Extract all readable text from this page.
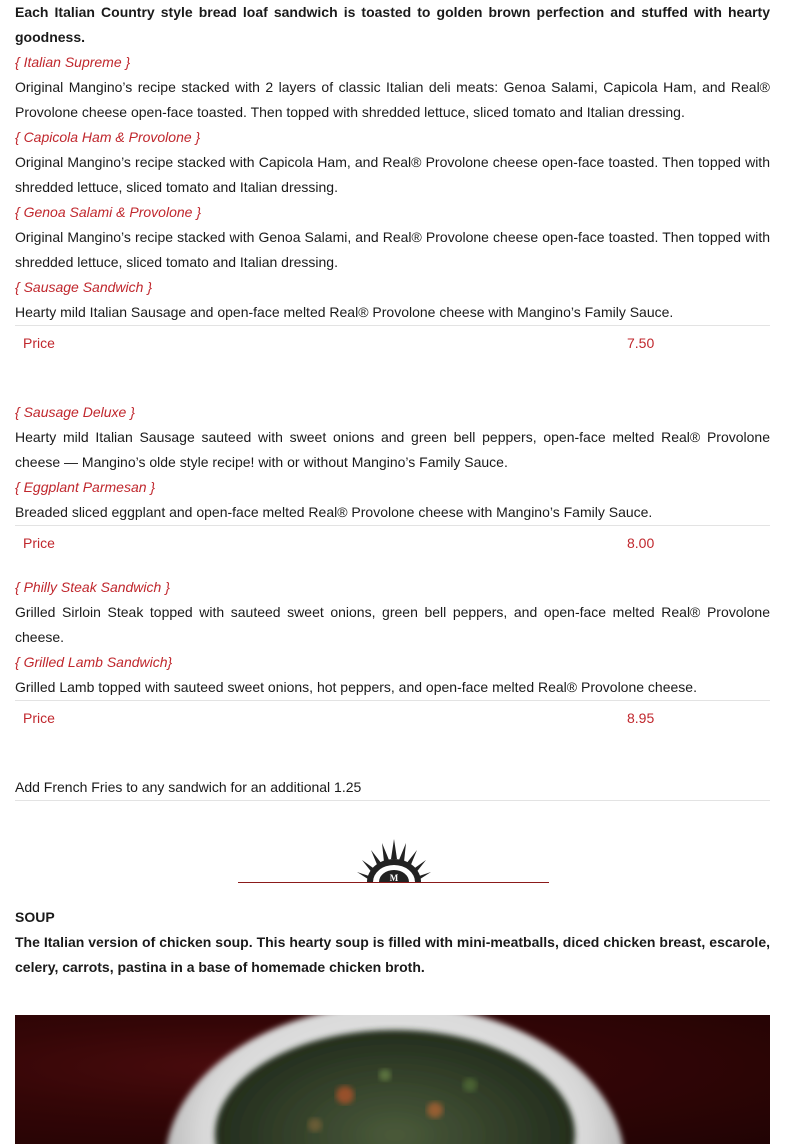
Each Italian Country style bread loaf sandwich is toasted to golden brown perfection and stuffed with hearty goodness.

{ Italian Supreme }

Original Mangino’s recipe stacked with 2 layers of classic Italian deli meats: Genoa Salami, Capicola Ham, and Real® Provolone cheese open-face toasted. Then topped with shredded lettuce, sliced tomato and Italian dressing.

{ Capicola Ham & Provolone }

Original Mangino’s recipe stacked with Capicola Ham, and Real® Provolone cheese open-face toasted. Then topped with shredded lettuce, sliced tomato and Italian dressing.

{ Genoa Salami & Provolone }

Original Mangino’s recipe stacked with Genoa Salami, and Real® Provolone cheese open-face toasted. Then topped with shredded lettuce, sliced tomato and Italian dressing.

{ Sausage Sandwich }

Hearty mild Italian Sausage and open-face melted Real® Provolone cheese with Mangino’s Family Sauce.

Price	7.50

{ Sausage Deluxe }

Hearty mild Italian Sausage sauteed with sweet onions and green bell peppers, open-face melted Real® Provolone cheese — Mangino’s olde style recipe! with or without Mangino’s Family Sauce.

{ Eggplant Parmesan }

Breaded sliced eggplant and open-face melted Real® Provolone cheese with Mangino’s Family Sauce.

Price	8.00

{ Philly Steak Sandwich }

Grilled Sirloin Steak topped with sauteed sweet onions, green bell peppers, and open-face melted Real® Provolone cheese.

{ Grilled Lamb Sandwich}

Grilled Lamb topped with sauteed sweet onions, hot peppers, and open-face melted Real® Provolone cheese.

Price	8.95

Add French Fries to any sandwich for an additional 1.25

M

SOUP

The Italian version of chicken soup. This hearty soup is filled with mini-meatballs, diced chicken breast, escarole, celery, carrots, pastina in a base of homemade chicken broth.
